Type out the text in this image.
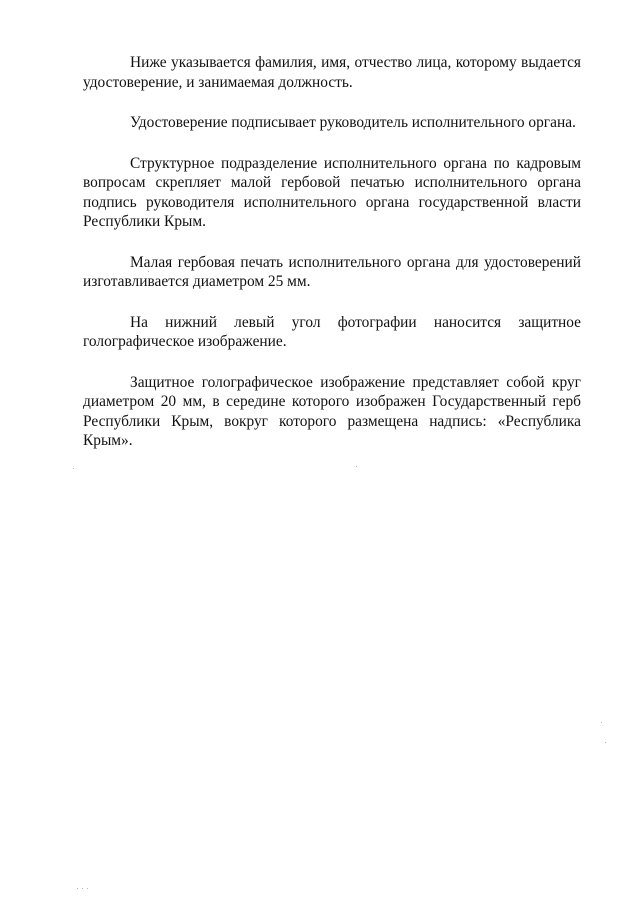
Ниже указывается фамилия, имя, отчество лица, которому выдается удостоверение, и занимаемая должность.

Удостоверение подписывает руководитель исполнительного органа.

Структурное подразделение исполнительного органа по кадровым вопросам скрепляет малой гербовой печатью исполнительного органа подпись руководителя исполнительного органа государственной власти Республики Крым.

Малая гербовая печать исполнительного органа для удостоверений изготавливается диаметром 25 мм.

На нижний левый угол фотографии наносится защитное голографическое изображение.

Защитное голографическое изображение представляет собой круг диаметром 20 мм, в середине которого изображен Государственный герб Республики Крым, вокруг которого размещена надпись: «Республика Крым».
